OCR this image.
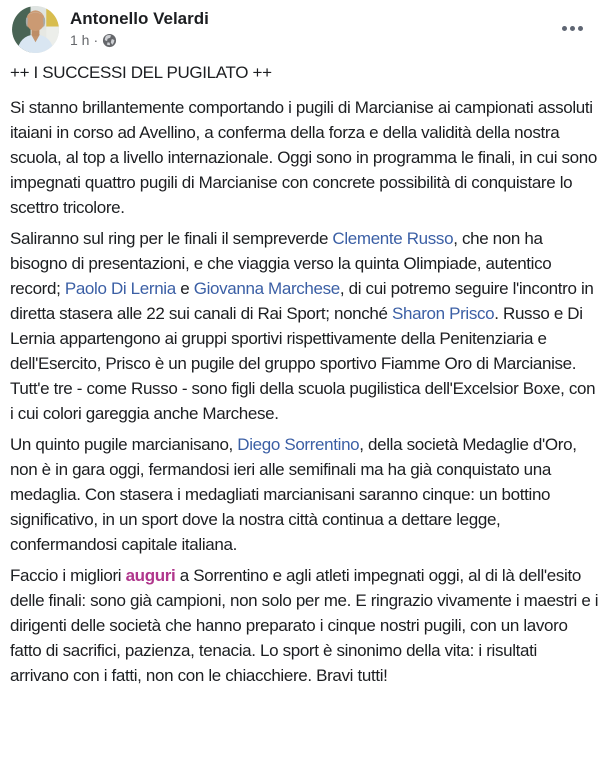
Antonello Velardi
1 h ·

++ I SUCCESSI DEL PUGILATO ++

Si stanno brillantemente comportando i pugili di Marcianise ai campionati assoluti itaiani in corso ad Avellino, a conferma della forza e della validità della nostra scuola, al top a livello internazionale. Oggi sono in programma le finali, in cui sono impegnati quattro pugili di Marcianise con concrete possibilità di conquistare lo scettro tricolore.

Saliranno sul ring per le finali il sempreverde Clemente Russo, che non ha bisogno di presentazioni, e che viaggia verso la quinta Olimpiade, autentico record; Paolo Di Lernia e Giovanna Marchese, di cui potremo seguire l'incontro in diretta stasera alle 22 sui canali di Rai Sport; nonché Sharon Prisco. Russo e Di Lernia appartengono ai gruppi sportivi rispettivamente della Penitenziaria e dell'Esercito, Prisco è un pugile del gruppo sportivo Fiamme Oro di Marcianise. Tutt'e tre - come Russo - sono figli della scuola pugilistica dell'Excelsior Boxe, con i cui colori gareggia anche Marchese.

Un quinto pugile marcianisano, Diego Sorrentino, della società Medaglie d'Oro, non è in gara oggi, fermandosi ieri alle semifinali ma ha già conquistato una medaglia. Con stasera i medagliati marcianisani saranno cinque: un bottino significativo, in un sport dove la nostra città continua a dettare legge, confermandosi capitale italiana.

Faccio i migliori auguri a Sorrentino e agli atleti impegnati oggi, al di là dell'esito delle finali: sono già campioni, non solo per me. E ringrazio vivamente i maestri e i dirigenti delle società che hanno preparato i cinque nostri pugili, con un lavoro fatto di sacrifici, pazienza, tenacia. Lo sport è sinonimo della vita: i risultati arrivano con i fatti, non con le chiacchiere. Bravi tutti!
